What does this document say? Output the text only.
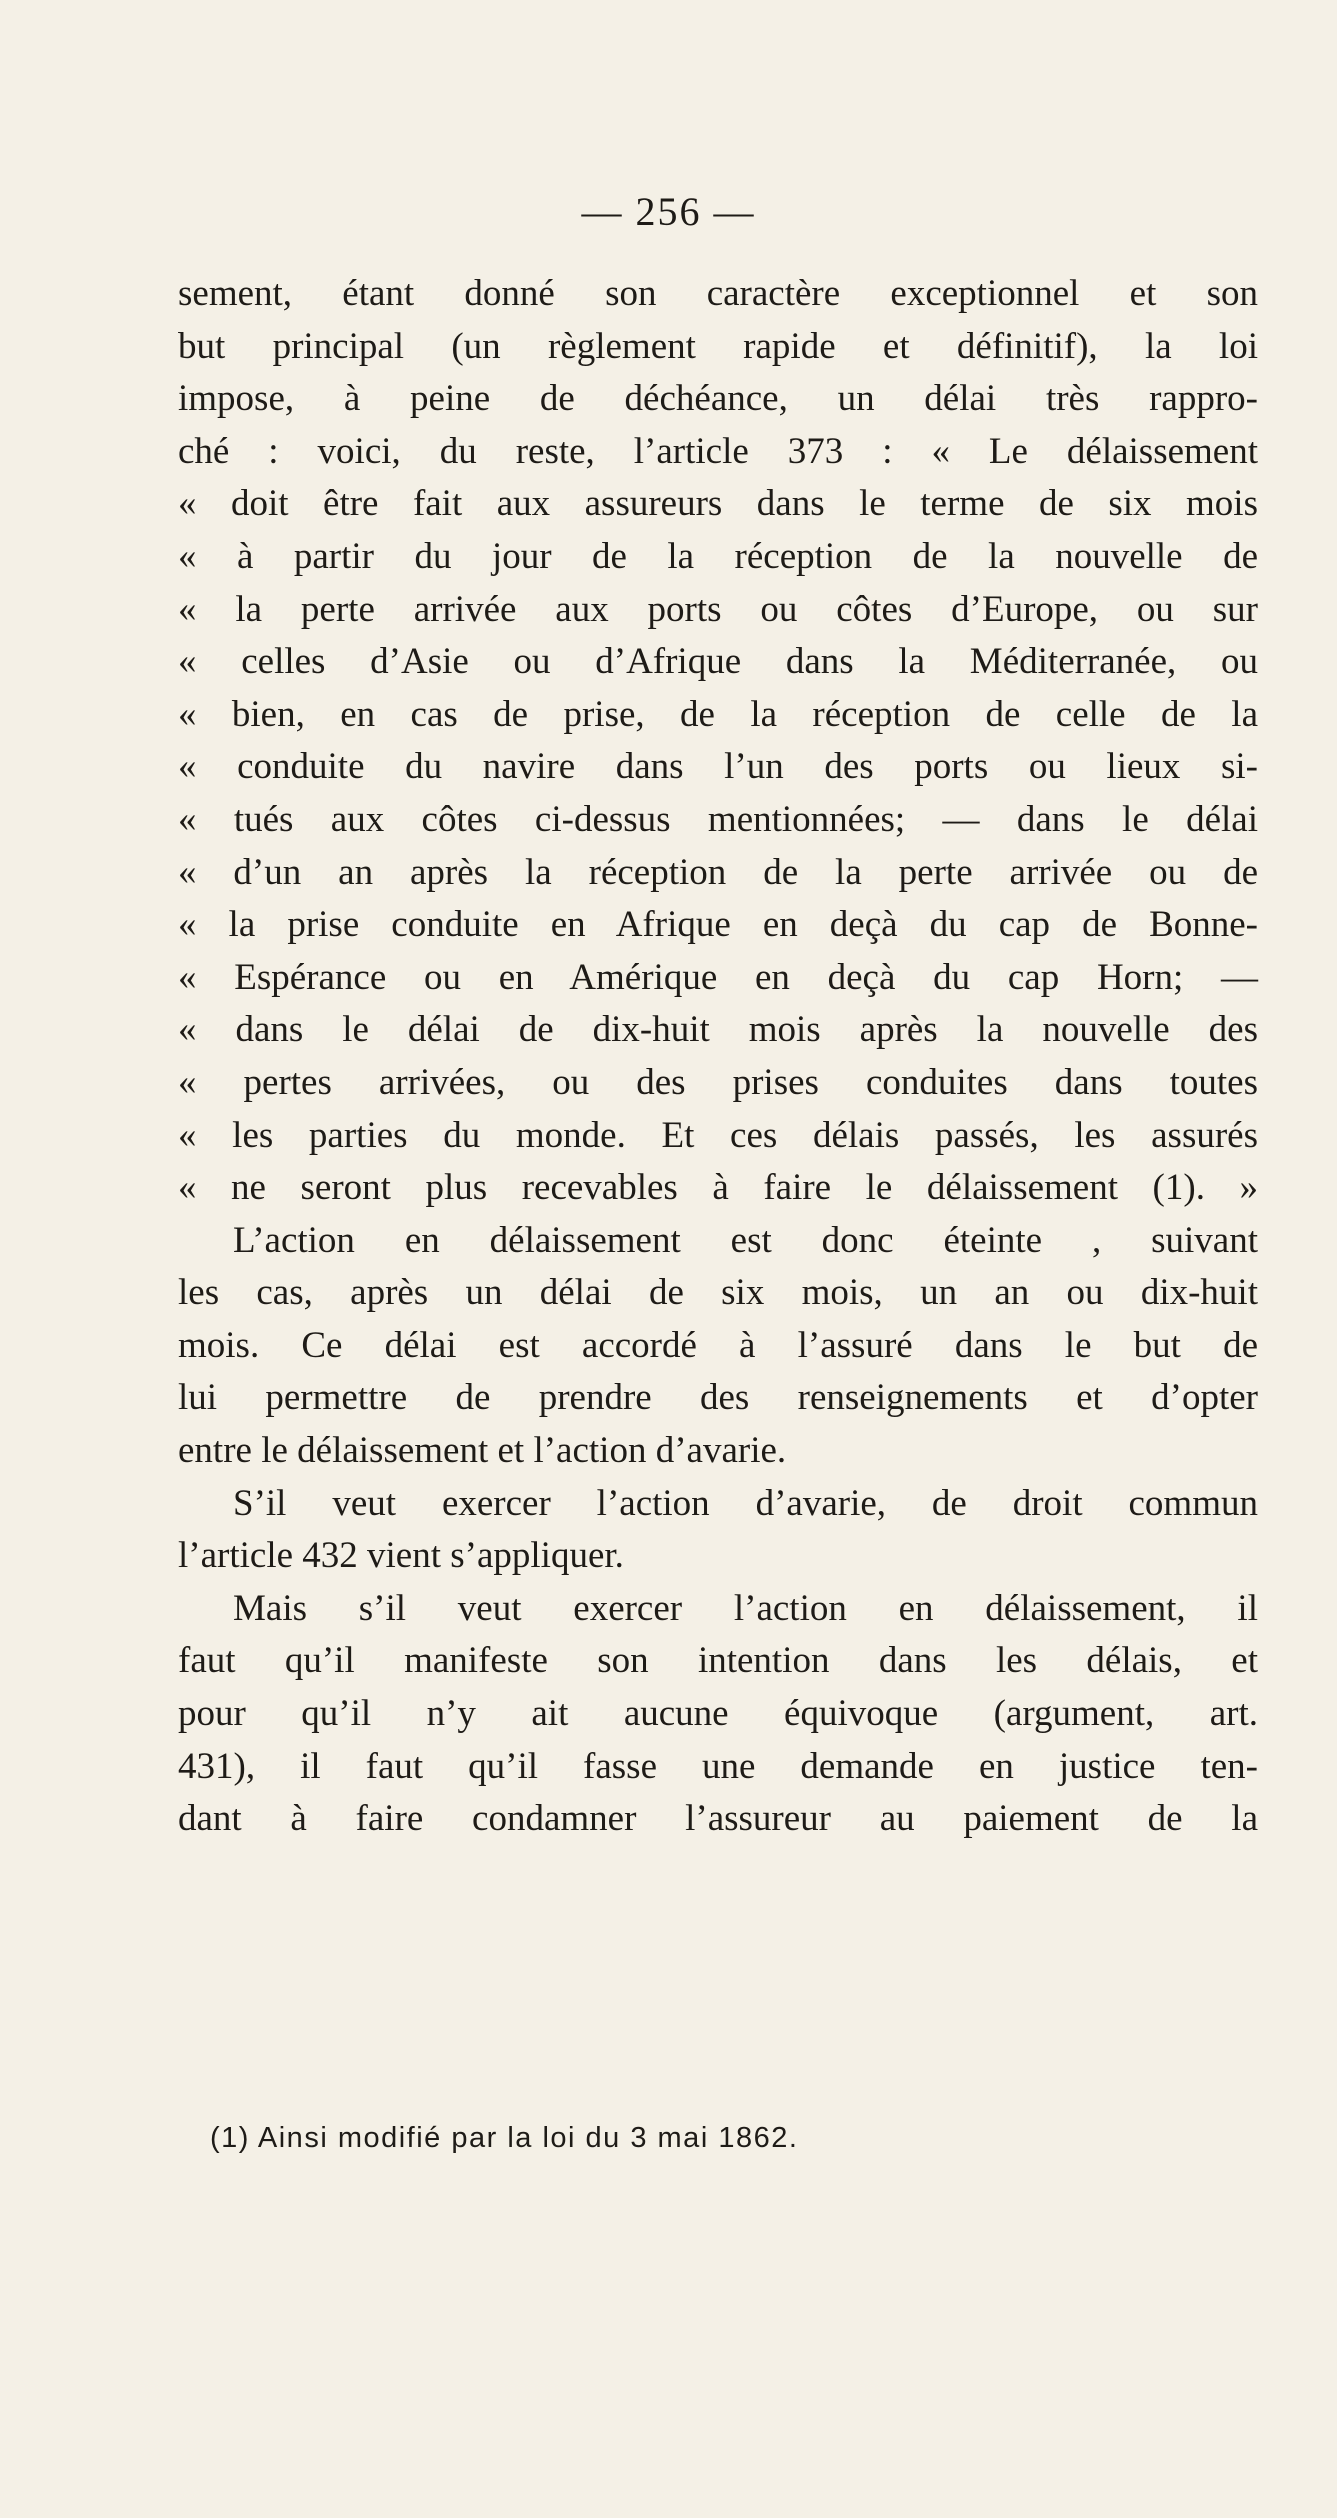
— 256 —
sement, étant donné son caractère exceptionnel et son
but principal (un règlement rapide et définitif), la loi
impose, à peine de déchéance, un délai très rappro-
ché : voici, du reste, l’article 373 : « Le délaissement
« doit être fait aux assureurs dans le terme de six mois
« à partir du jour de la réception de la nouvelle de
« la perte arrivée aux ports ou côtes d’Europe, ou sur
« celles d’Asie ou d’Afrique dans la Méditerranée, ou
« bien, en cas de prise, de la réception de celle de la
« conduite du navire dans l’un des ports ou lieux si-
« tués aux côtes ci-dessus mentionnées; — dans le délai
« d’un an après la réception de la perte arrivée ou de
« la prise conduite en Afrique en deçà du cap de Bonne-
« Espérance ou en Amérique en deçà du cap Horn; —
« dans le délai de dix-huit mois après la nouvelle des
« pertes arrivées, ou des prises conduites dans toutes
« les parties du monde. Et ces délais passés, les assurés
« ne seront plus recevables à faire le délaissement (1). »
L’action en délaissement est donc éteinte , suivant
les cas, après un délai de six mois, un an ou dix-huit
mois. Ce délai est accordé à l’assuré dans le but de
lui permettre de prendre des renseignements et d’opter
entre le délaissement et l’action d’avarie.
S’il veut exercer l’action d’avarie, de droit commun
l’article 432 vient s’appliquer.
Mais s’il veut exercer l’action en délaissement, il
faut qu’il manifeste son intention dans les délais, et
pour qu’il n’y ait aucune équivoque (argument, art.
431), il faut qu’il fasse une demande en justice ten-
dant à faire condamner l’assureur au paiement de la
(1) Ainsi modifié par la loi du 3 mai 1862.
